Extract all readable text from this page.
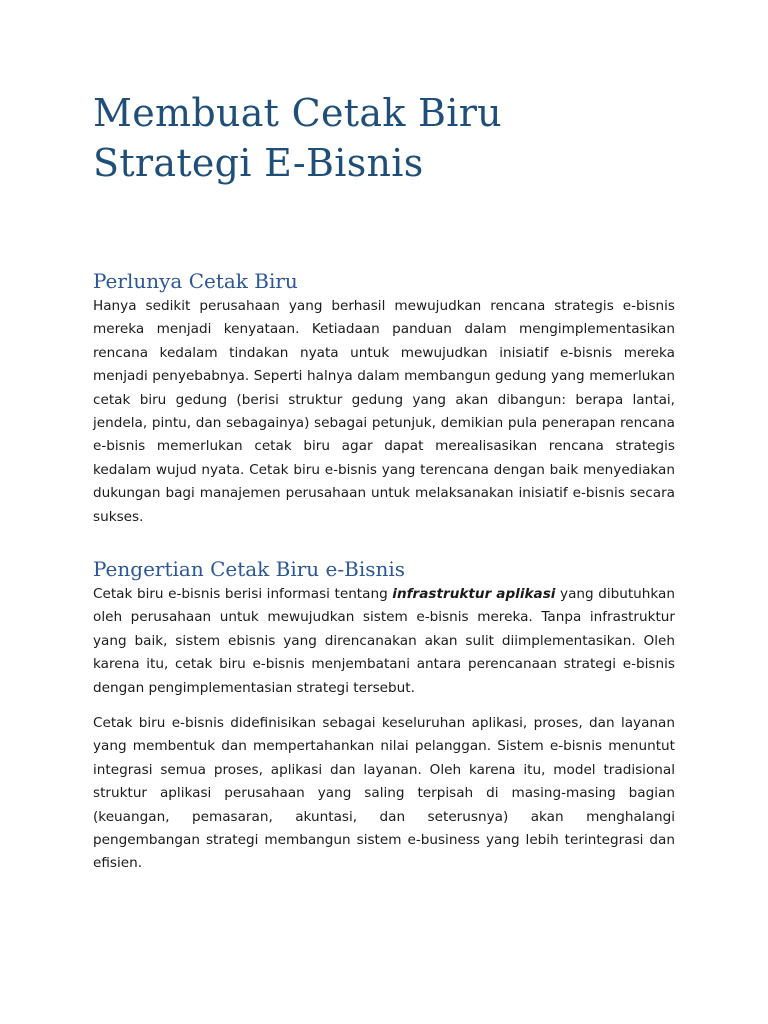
Membuat Cetak Biru
Strategi E-Bisnis
Perlunya Cetak Biru

Hanya sedikit perusahaan yang berhasil mewujudkan rencana strategis e-bisnis mereka menjadi kenyataan. Ketiadaan panduan dalam mengimplementasikan rencana kedalam tindakan nyata untuk mewujudkan inisiatif e-bisnis mereka menjadi penyebabnya. Seperti halnya dalam membangun gedung yang memerlukan cetak biru gedung (berisi struktur gedung yang akan dibangun: berapa lantai, jendela, pintu, dan sebagainya) sebagai petunjuk, demikian pula penerapan rencana e-bisnis memerlukan cetak biru agar dapat merealisasikan rencana strategis kedalam wujud nyata. Cetak biru e-bisnis yang terencana dengan baik menyediakan dukungan bagi manajemen perusahaan untuk melaksanakan inisiatif e-bisnis secara sukses.

Pengertian Cetak Biru e-Bisnis

Cetak biru e-bisnis berisi informasi tentang infrastruktur aplikasi yang dibutuhkan oleh perusahaan untuk mewujudkan sistem e-bisnis mereka. Tanpa infrastruktur yang baik, sistem ebisnis yang direncanakan akan sulit diimplementasikan. Oleh karena itu, cetak biru e-bisnis menjembatani antara perencanaan strategi e-bisnis dengan pengimplementasian strategi tersebut.

Cetak biru e-bisnis didefinisikan sebagai keseluruhan aplikasi, proses, dan layanan yang membentuk dan mempertahankan nilai pelanggan. Sistem e-bisnis menuntut integrasi semua proses, aplikasi dan layanan. Oleh karena itu, model tradisional struktur aplikasi perusahaan yang saling terpisah di masing-masing bagian (keuangan, pemasaran, akuntasi, dan seterusnya) akan menghalangi pengembangan strategi membangun sistem e-business yang lebih terintegrasi dan efisien.
